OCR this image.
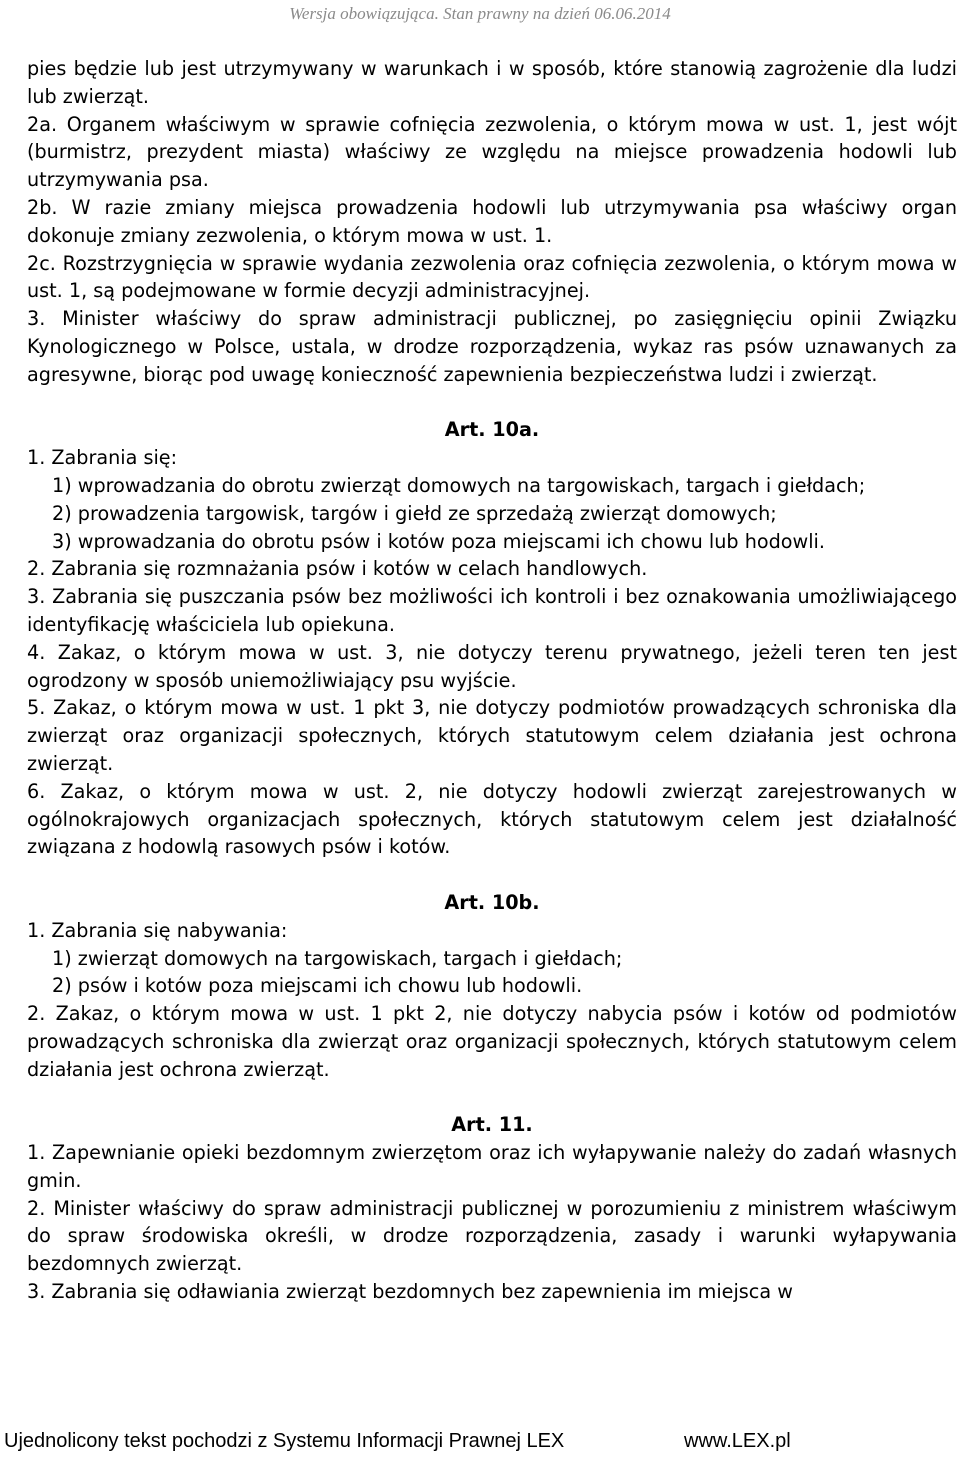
Wersja obowiązująca. Stan prawny na dzień 06.06.2014

pies będzie lub jest utrzymywany w warunkach i w sposób, które stanowią zagrożenie dla ludzi lub zwierząt.

2a. Organem właściwym w sprawie cofnięcia zezwolenia, o którym mowa w ust. 1, jest wójt (burmistrz, prezydent miasta) właściwy ze względu na miejsce prowadzenia hodowli lub utrzymywania psa.

2b. W razie zmiany miejsca prowadzenia hodowli lub utrzymywania psa właściwy organ dokonuje zmiany zezwolenia, o którym mowa w ust. 1.

2c. Rozstrzygnięcia w sprawie wydania zezwolenia oraz cofnięcia zezwolenia, o którym mowa w ust. 1, są podejmowane w formie decyzji administracyjnej.

3. Minister właściwy do spraw administracji publicznej, po zasięgnięciu opinii Związku Kynologicznego w Polsce, ustala, w drodze rozporządzenia, wykaz ras psów uznawanych za agresywne, biorąc pod uwagę konieczność zapewnienia bezpieczeństwa ludzi i zwierząt.

Art. 10a.

1. Zabrania się:

1) wprowadzania do obrotu zwierząt domowych na targowiskach, targach i giełdach;

2) prowadzenia targowisk, targów i giełd ze sprzedażą zwierząt domowych;

3) wprowadzania do obrotu psów i kotów poza miejscami ich chowu lub hodowli.

2. Zabrania się rozmnażania psów i kotów w celach handlowych.

3. Zabrania się puszczania psów bez możliwości ich kontroli i bez oznakowania umożliwiającego identyfikację właściciela lub opiekuna.

4. Zakaz, o którym mowa w ust. 3, nie dotyczy terenu prywatnego, jeżeli teren ten jest ogrodzony w sposób uniemożliwiający psu wyjście.

5. Zakaz, o którym mowa w ust. 1 pkt 3, nie dotyczy podmiotów prowadzących schroniska dla zwierząt oraz organizacji społecznych, których statutowym celem działania jest ochrona zwierząt.

6. Zakaz, o którym mowa w ust. 2, nie dotyczy hodowli zwierząt zarejestrowanych w ogólnokrajowych organizacjach społecznych, których statutowym celem jest działalność związana z hodowlą rasowych psów i kotów.

Art. 10b.

1. Zabrania się nabywania:

1) zwierząt domowych na targowiskach, targach i giełdach;

2) psów i kotów poza miejscami ich chowu lub hodowli.

2. Zakaz, o którym mowa w ust. 1 pkt 2, nie dotyczy nabycia psów i kotów od podmiotów prowadzących schroniska dla zwierząt oraz organizacji społecznych, których statutowym celem działania jest ochrona zwierząt.

Art. 11.

1. Zapewnianie opieki bezdomnym zwierzętom oraz ich wyłapywanie należy do zadań własnych gmin.

2. Minister właściwy do spraw administracji publicznej w porozumieniu z ministrem właściwym do spraw środowiska określi, w drodze rozporządzenia, zasady i warunki wyłapywania bezdomnych zwierząt.

3. Zabrania się odławiania zwierząt bezdomnych bez zapewnienia im miejsca w

Ujednolicony tekst pochodzi z Systemu Informacji Prawnej LEX	www.LEX.pl
